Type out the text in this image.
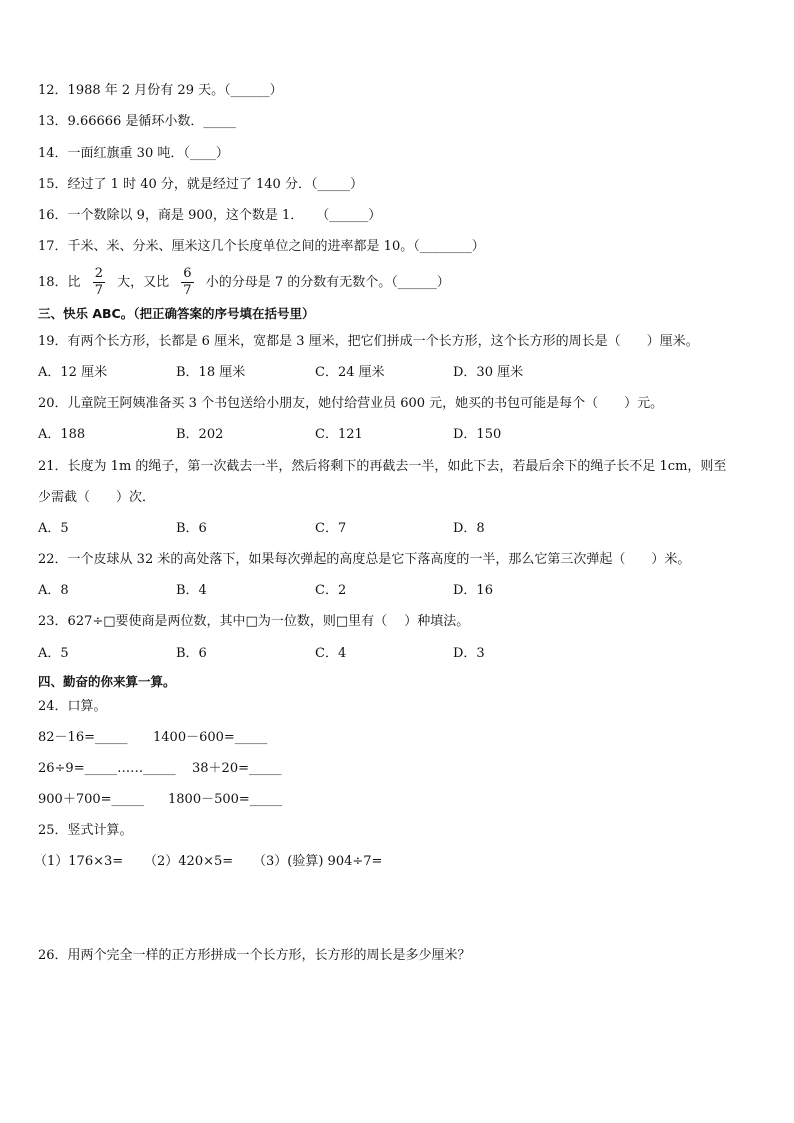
12．1988 年 2 月份有 29 天。（______）
13．9.66666 是循环小数．_____
14．一面红旗重 30 吨．（____）
15．经过了 1 时 40 分，就是经过了 140 分．（_____）
16．一个数除以 9，商是 900，这个数是 1．　　（______）
17．千米、米、分米、厘米这几个长度单位之间的进率都是 10。（________）
18．比 $\frac{2}{7}$ 大，又比 $\frac{6}{7}$ 小的分母是 7 的分数有无数个。（______）
三、快乐 ABC。（把正确答案的序号填在括号里）
19．有两个长方形，长都是 6 厘米，宽都是 3 厘米，把它们拼成一个长方形，这个长方形的周长是（　　）厘米。
A．12 厘米	B．18 厘米	C．24 厘米	D．30 厘米
20．儿童院王阿姨准备买 3 个书包送给小朋友，她付给营业员 600 元，她买的书包可能是每个（　　）元。
A．188	B．202	C．121	D．150
21．长度为 1m 的绳子，第一次截去一半，然后将剩下的再截去一半，如此下去，若最后余下的绳子长不足 1cm，则至
少需截（　　）次．
A．5	B．6	C．7	D．8
22．一个皮球从 32 米的高处落下，如果每次弹起的高度总是它下落高度的一半，那么它第三次弹起（　　）米。
A．8	B．4	C．2	D．16
23．627÷□要使商是两位数，其中□为一位数，则□里有（　 ）种填法。
A．5	B．6	C．4	D．3
四、勤奋的你来算一算。
24．口算。
82－16=_____ 1400－600=_____
26÷9=_____……_____ 38＋20=_____
900＋700=_____ 1800－500=_____
25．竖式计算。
（1）176×3= （2）420×5= （3）(验算) 904÷7=
26．用两个完全一样的正方形拼成一个长方形，长方形的周长是多少厘米？
